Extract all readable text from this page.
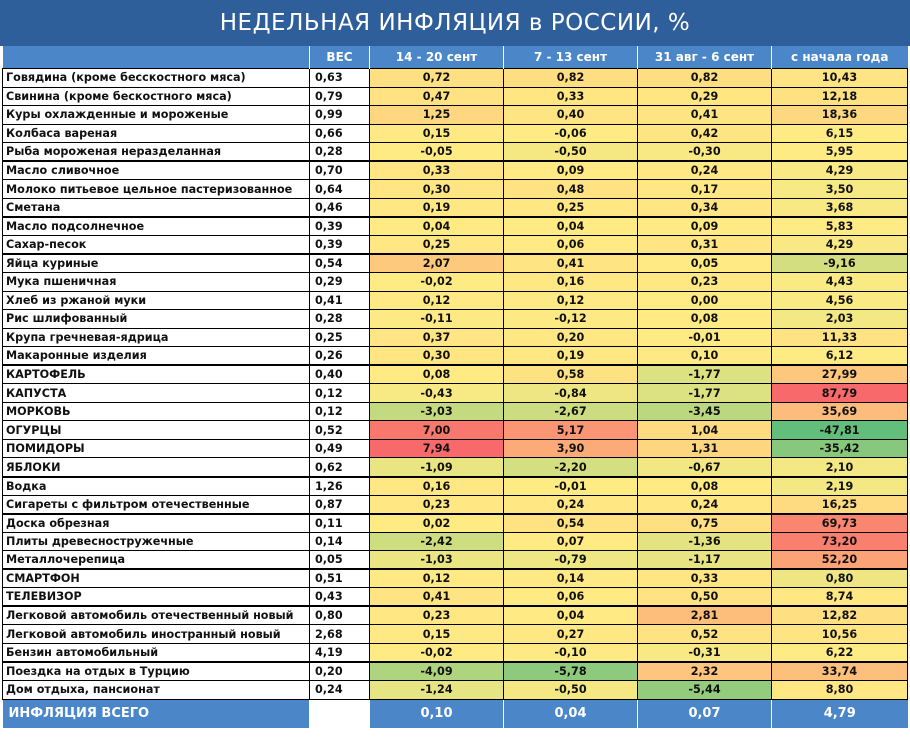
НЕДЕЛЬНАЯ ИНФЛЯЦИЯ в РОССИИ, %
	ВЕС	14 - 20 сент	7 - 13 сент	31 авг - 6 сент	с начала года
Говядина (кроме бесскостного мяса)	0,63	0,72	0,82	0,82	10,43
Свинина (кроме бескостного мяса)	0,79	0,47	0,33	0,29	12,18
Куры охлажденные и мороженые	0,99	1,25	0,40	0,41	18,36
Колбаса вареная	0,66	0,15	-0,06	0,42	6,15
Рыба мороженая неразделанная	0,28	-0,05	-0,50	-0,30	5,95
Масло сливочное	0,70	0,33	0,09	0,24	4,29
Молоко питьевое цельное пастеризованное	0,64	0,30	0,48	0,17	3,50
Сметана	0,46	0,19	0,25	0,34	3,68
Масло подсолнечное	0,39	0,04	0,04	0,09	5,83
Сахар-песок	0,39	0,25	0,06	0,31	4,29
Яйца куриные	0,54	2,07	0,41	0,05	-9,16
Мука пшеничная	0,29	-0,02	0,16	0,23	4,43
Хлеб из ржаной муки	0,41	0,12	0,12	0,00	4,56
Рис шлифованный	0,28	-0,11	-0,12	0,08	2,03
Крупа гречневая-ядрица	0,25	0,37	0,20	-0,01	11,33
Макаронные изделия	0,26	0,30	0,19	0,10	6,12
КАРТОФЕЛЬ	0,40	0,08	0,58	-1,77	27,99
КАПУСТА	0,12	-0,43	-0,84	-1,77	87,79
МОРКОВЬ	0,12	-3,03	-2,67	-3,45	35,69
ОГУРЦЫ	0,52	7,00	5,17	1,04	-47,81
ПОМИДОРЫ	0,49	7,94	3,90	1,31	-35,42
ЯБЛОКИ	0,62	-1,09	-2,20	-0,67	2,10
Водка	1,26	0,16	-0,01	0,08	2,19
Сигареты с фильтром отечественные	0,87	0,23	0,24	0,24	16,25
Доска обрезная	0,11	0,02	0,54	0,75	69,73
Плиты древесностружечные	0,14	-2,42	0,07	-1,36	73,20
Металлочерепица	0,05	-1,03	-0,79	-1,17	52,20
СМАРТФОН	0,51	0,12	0,14	0,33	0,80
ТЕЛЕВИЗОР	0,43	0,41	0,06	0,50	8,74
Легковой автомобиль отечественный новый	0,80	0,23	0,04	2,81	12,82
Легковой автомобиль иностранный новый	2,68	0,15	0,27	0,52	10,56
Бензин автомобильный	4,19	-0,02	-0,10	-0,31	6,22
Поездка на отдых в Турцию	0,20	-4,09	-5,78	2,32	33,74
Дом отдыха, пансионат	0,24	-1,24	-0,50	-5,44	8,80
ИНФЛЯЦИЯ ВСЕГО		0,10	0,04	0,07	4,79
